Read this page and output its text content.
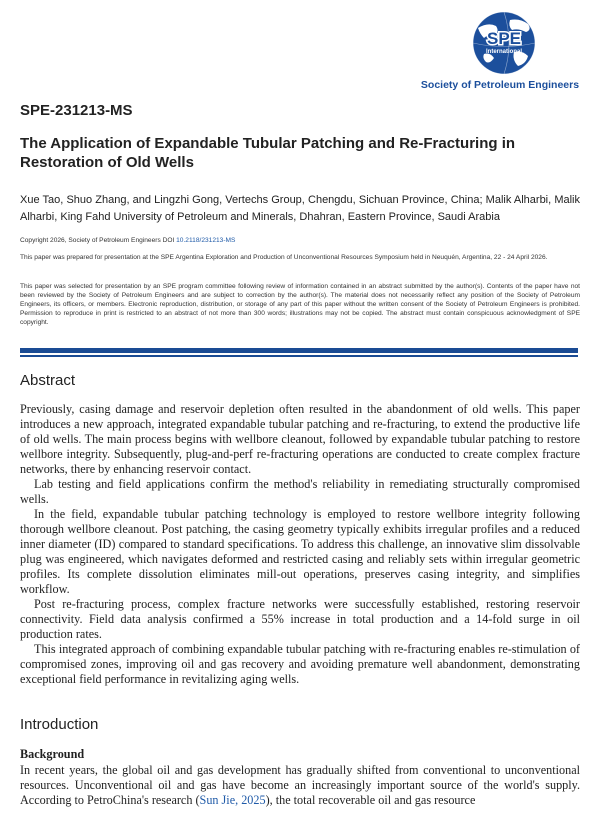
SPE
International
Society of Petroleum Engineers
SPE-231213-MS
The Application of Expandable Tubular Patching and Re-Fracturing in Restoration of Old Wells
Xue Tao, Shuo Zhang, and Lingzhi Gong, Vertechs Group, Chengdu, Sichuan Province, China; Malik Alharbi, Malik Alharbi, King Fahd University of Petroleum and Minerals, Dhahran, Eastern Province, Saudi Arabia
Copyright 2026, Society of Petroleum Engineers DOI 10.2118/231213-MS
This paper was prepared for presentation at the SPE Argentina Exploration and Production of Unconventional Resources Symposium held in Neuquén, Argentina, 22 - 24 April 2026.
This paper was selected for presentation by an SPE program committee following review of information contained in an abstract submitted by the author(s). Contents of the paper have not been reviewed by the Society of Petroleum Engineers and are subject to correction by the author(s). The material does not necessarily reflect any position of the Society of Petroleum Engineers, its officers, or members. Electronic reproduction, distribution, or storage of any part of this paper without the written consent of the Society of Petroleum Engineers is prohibited. Permission to reproduce in print is restricted to an abstract of not more than 300 words; illustrations may not be copied. The abstract must contain conspicuous acknowledgment of SPE copyright.
Abstract

Previously, casing damage and reservoir depletion often resulted in the abandonment of old wells. This paper introduces a new approach, integrated expandable tubular patching and re-fracturing, to extend the productive life of old wells. The main process begins with wellbore cleanout, followed by expandable tubular patching to restore wellbore integrity. Subsequently, plug-and-perf re-fracturing operations are conducted to create complex fracture networks, there by enhancing reservoir contact.

Lab testing and field applications confirm the method's reliability in remediating structurally compromised wells.

In the field, expandable tubular patching technology is employed to restore wellbore integrity following thorough wellbore cleanout. Post patching, the casing geometry typically exhibits irregular profiles and a reduced inner diameter (ID) compared to standard specifications. To address this challenge, an innovative slim dissolvable plug was engineered, which navigates deformed and restricted casing and reliably sets within irregular geometric profiles. Its complete dissolution eliminates mill-out operations, preserves casing integrity, and simplifies workflow.

Post re-fracturing process, complex fracture networks were successfully established, restoring reservoir connectivity. Field data analysis confirmed a 55% increase in total production and a 14-fold surge in oil production rates.

This integrated approach of combining expandable tubular patching with re-fracturing enables re-stimulation of compromised zones, improving oil and gas recovery and avoiding premature well abandonment, demonstrating exceptional field performance in revitalizing aging wells.

Introduction
Background

In recent years, the global oil and gas development has gradually shifted from conventional to unconventional resources. Unconventional oil and gas have become an increasingly important source of the world's supply. According to PetroChina's research (Sun Jie, 2025), the total recoverable oil and gas resource
